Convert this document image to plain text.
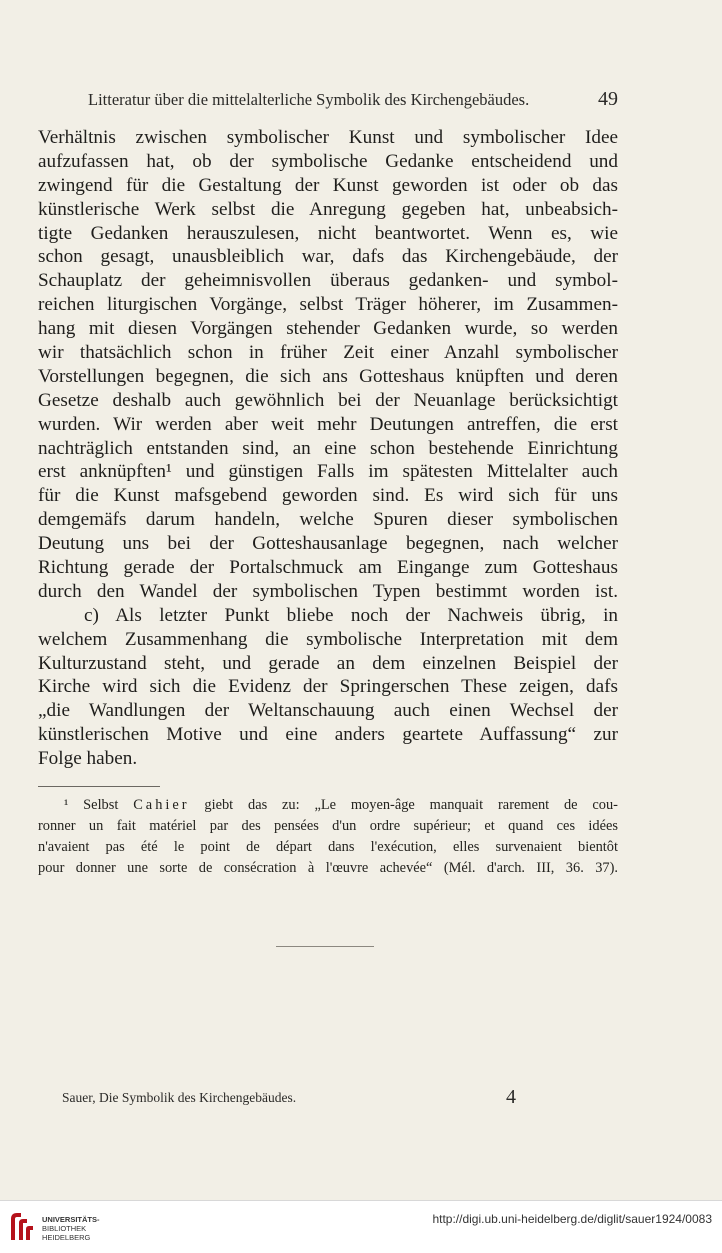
Litteratur über die mittelalterliche Symbolik des Kirchengebäudes.	49
Verhältnis zwischen symbolischer Kunst und symbolischer Idee
aufzufassen hat, ob der symbolische Gedanke entscheidend und
zwingend für die Gestaltung der Kunst geworden ist oder ob das
künstlerische Werk selbst die Anregung gegeben hat, unbeabsich-
tigte Gedanken herauszulesen, nicht beantwortet. Wenn es, wie
schon gesagt, unausbleiblich war, dafs das Kirchengebäude, der
Schauplatz der geheimnisvollen überaus gedanken- und symbol-
reichen liturgischen Vorgänge, selbst Träger höherer, im Zusammen-
hang mit diesen Vorgängen stehender Gedanken wurde, so werden
wir thatsächlich schon in früher Zeit einer Anzahl symbolischer
Vorstellungen begegnen, die sich ans Gotteshaus knüpften und deren
Gesetze deshalb auch gewöhnlich bei der Neuanlage berücksichtigt
wurden. Wir werden aber weit mehr Deutungen antreffen, die erst
nachträglich entstanden sind, an eine schon bestehende Einrichtung
erst anknüpften¹ und günstigen Falls im spätesten Mittelalter auch
für die Kunst mafsgebend geworden sind. Es wird sich für uns
demgemäfs darum handeln, welche Spuren dieser symbolischen
Deutung uns bei der Gotteshausanlage begegnen, nach welcher
Richtung gerade der Portalschmuck am Eingange zum Gotteshaus
durch den Wandel der symbolischen Typen bestimmt worden ist.
c) Als letzter Punkt bliebe noch der Nachweis übrig, in
welchem Zusammenhang die symbolische Interpretation mit dem
Kulturzustand steht, und gerade an dem einzelnen Beispiel der
Kirche wird sich die Evidenz der Springerschen These zeigen, dafs
„die Wandlungen der Weltanschauung auch einen Wechsel der
künstlerischen Motive und eine anders geartete Auffassung“ zur
Folge haben.
¹ Selbst Cahier giebt das zu: „Le moyen-âge manquait rarement de cou-
ronner un fait matériel par des pensées d'un ordre supérieur; et quand ces idées
n'avaient pas été le point de départ dans l'exécution, elles survenaient bientôt
pour donner une sorte de consécration à l'œuvre achevée“ (Mél. d'arch. III, 36. 37).
Sauer, Die Symbolik des Kirchengebäudes.	4
UNIVERSITÄTS-
BIBLIOTHEK
HEIDELBERG
http://digi.ub.uni-heidelberg.de/diglit/sauer1924/0083
